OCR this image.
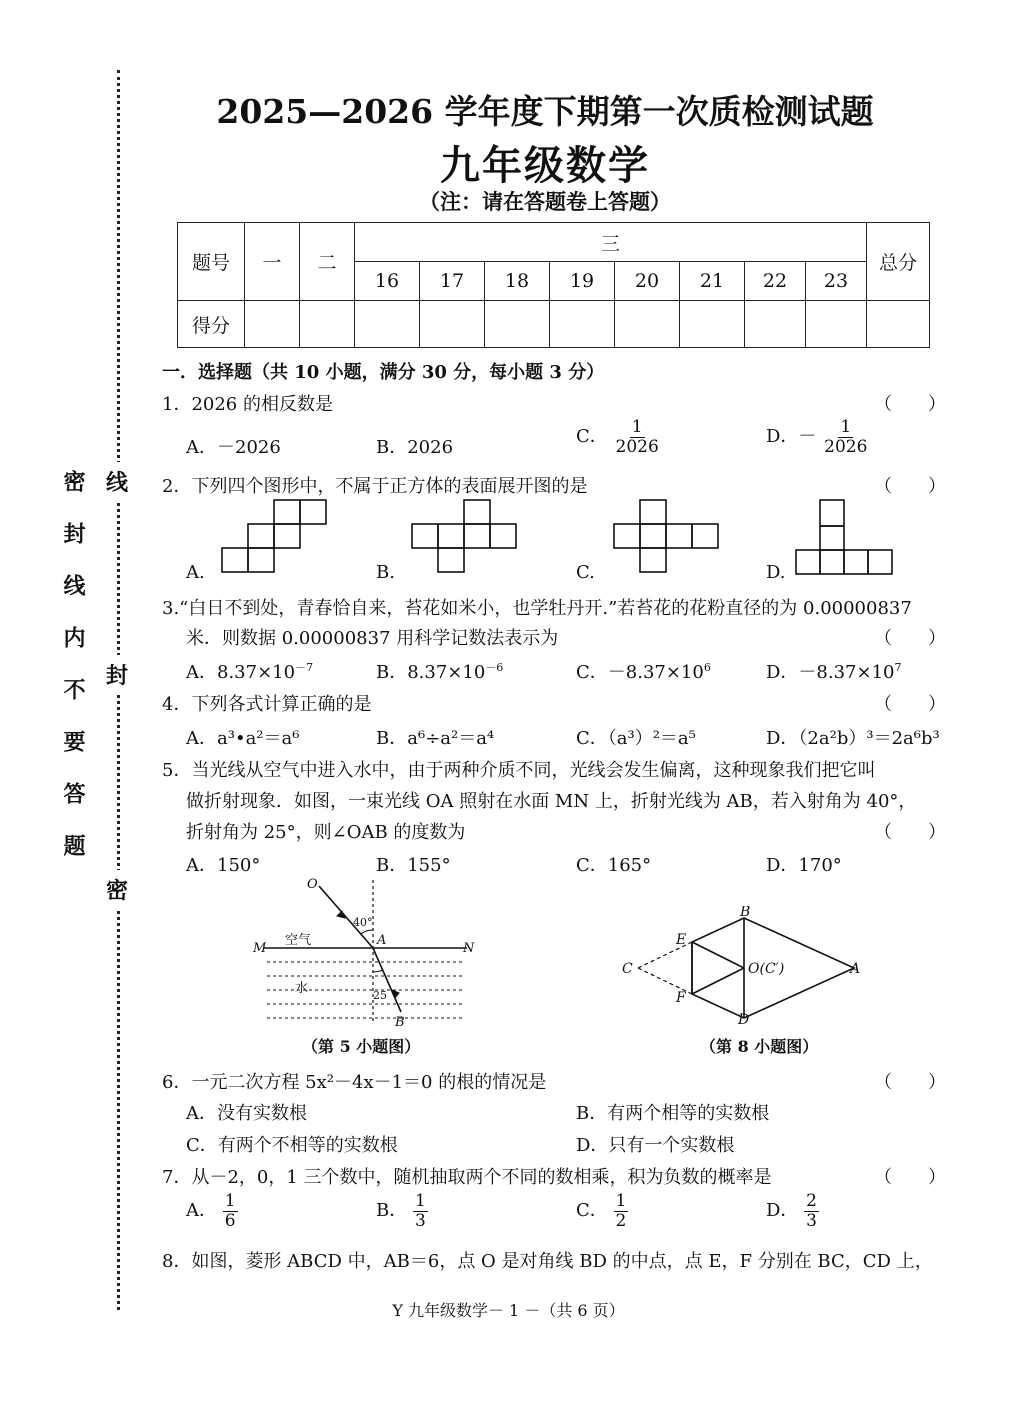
密封线内不要答题 线
封
密
2025—2026 学年度下期第一次质检测试题
九年级数学
（注：请在答题卷上答题）
题号	一	二	三								总分
			16	17	18	19	20	21	22	23	
得分											
一．选择题（共 10 小题，满分 30 分，每小题 3 分）
1．2026 的相反数是	（　　）
A．－2026	B．2026
C． $\frac{1}{2026}$	D．－ $\frac{1}{2026}$
2．下列四个图形中，不属于正方体的表面展开图的是	（　　）
A.	B.	C.	D.
3.“白日不到处，青春恰自来，苔花如米小，也学牡丹开.”若苔花的花粉直径的为 0.00000837
米．则数据 0.00000837 用科学记数法表示为	（　　）
A．$8.37\times 10^{-7}$	B．$8.37\times 10^{-6}$	C．$-8.37\times 10^6$	D．$-8.37\times 10^7$
4．下列各式计算正确的是	（　　）
A．a³•a²＝a⁶	B．a⁶÷a²＝a⁴	C．（a³）²＝a⁵	D．（2a²b）³＝2a⁶b³
5．当光线从空气中进入水中，由于两种介质不同，光线会发生偏离，这种现象我们把它叫
做折射现象．如图，一束光线 OA 照射在水面 MN 上，折射光线为 AB，若入射角为 40°，
折射角为 25°，则∠OAB 的度数为	（　　）
A．150°	B．155°	C．165°	D．170°
O
A
M	N
B
40°
25
空气
水
（第 5 小题图）
B
E
C	O(C′)	A
F
D
（第 8 小题图）
6．一元二次方程 5x²－4x－1＝0 的根的情况是	（　　）
A．没有实数根	B．有两个相等的实数根
C．有两个不相等的实数根	D．只有一个实数根
7．从－2，0，1 三个数中，随机抽取两个不同的数相乘，积为负数的概率是	（　　）
A． $\frac{1}{6}$	B． $\frac{1}{3}$	C． $\frac{1}{2}$	D． $\frac{2}{3}$
8．如图，菱形 ABCD 中，AB＝6，点 O 是对角线 BD 的中点，点 E，F 分别在 BC，CD 上，
Y 九年级数学－ 1 －（共 6 页）
